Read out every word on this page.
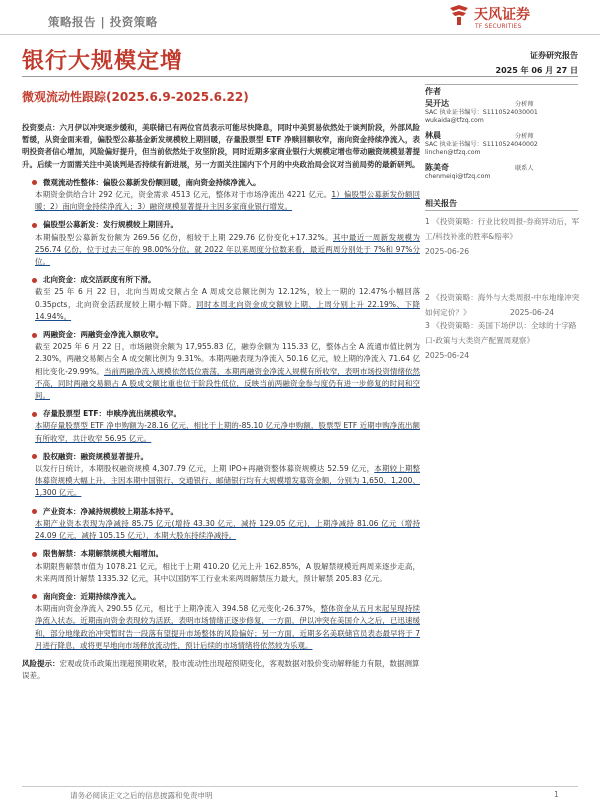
策略报告 | 投资策略	天风证券
TF SECURITIES
银行大规模定增	证券研究报告
2025 年 06 月 27 日
微观流动性跟踪(2025.6.9-2025.6.22)	作者
吴开达	分析师
SAC 执业证书编号：S1110524030001
wukaida@tfzq.com
林晨	分析师
SAC 执业证书编号：S1110524040002
linchen@tfzq.com
陈美奇	联系人
chenmeiqi@tfzq.com
相关报告
1 《投资策略：行业比较周报-券商异动后，军工/科技补涨的胜率&赔率》
2025-06-26
2 《投资策略：海外与大类周报-中东地缘冲突如何定价？》
3 《投资策略：美国下场伊以：全球的十字路口-政策与大类资产配置周观察》
2025-06-24
2025-06-24
投资要点：六月伊以冲突逐步缓和，美联储已有两位官员表示可能尽快降息，同时中美贸易依然处于谈判阶段，外部风险暂缓，从资金面来看，偏股型公募基金新发规模较上期回暖，存量股票型 ETF 净赎回额收窄，南向资金持续净流入，表明投资者信心增加，风险偏好提升，但当前依然处于攻坚阶段，同时近期多家商业银行大规模定增也带动融资规模显著提升。后续一方面需关注中美谈判是否持续有新进展，另一方面关注国内下个月的中央政治局会议对当前局势的最新研判。
微观流动性整体：偏股公募新发份额回暖，南向资金持续净流入。
本期资金供给合计 292 亿元，资金需求 4513 亿元，整体对于市场净流出 4221 亿元。1）偏股型公募新发份额回暖；2）南向资金持续净流入；3）融资规模显著提升主因多家商业银行增发。
偏股型公募新发：发行规模较上期回升。
本期偏股型公募新发份额为 269.56 亿份，相较于上期 229.76 亿份变化+17.32%。其中最近一周新发规模为 256.74 亿份，位于过去三年的 98.00%分位。就 2022 年以来周度分位数来看，最近两周分别处于 7%和 97%分位。
北向资金：成交活跃度有所下滑。
截至 25 年 6 月 22 日，北向当周成交额占全 A 周成交总额比例为 12.12%，较上一期的 12.47%小幅回落 0.35pcts，北向资金活跃度较上期小幅下降。同时本周北向资金成交额较上期、上周分别上升 22.19%、下降 14.94%。
两融资金：两融资金净流入额收窄。
截至 2025 年 6 月 22 日，市场融资余额为 17,955.83 亿，融券余额为 115.33 亿，整体占全 A 流通市值比例为 2.30%，两融交易额占全 A 成交额比例为 9.31%。本期两融表现为净流入 50.16 亿元，较上期的净流入 71.64 亿相比变化-29.99%。当前两融净流入规模依然低位震荡，本期两融资金净流入规模有所收窄，表明市场投资情绪依然不高，同时两融交易额占 A 股成交额比重也位于阶段性低位，反映当前两融资金参与度仍有进一步修复的时间和空间。
存量股票型 ETF：申赎净流出规模收窄。
本期存量股票型 ETF 净申购额为-28.16 亿元，相比于上期的-85.10 亿元净申购额，股票型 ETF 近期申购净流出额有所收窄，共计收窄 56.95 亿元。
股权融资：融资规模显著提升。
以发行日统计，本期股权融资规模 4,307.79 亿元，上期 IPO+再融资整体募资规模达 52.59 亿元，本期较上期整体募资规模大幅上升，主因本期中国银行、交通银行、邮储银行均有大规模增发募资金额，分别为 1,650、1,200、1,300 亿元。
产业资本：净减持规模较上期基本持平。
本期产业资本表现为净减持 85.75 亿元(增持 43.30 亿元，减持 129.05 亿元)，上期净减持 81.06 亿元（增持 24.09 亿元，减持 105.15 亿元），本期大股东持续净减持。
限售解禁：本期解禁规模大幅增加。
本期限售解禁市值为 1078.21 亿元，相比于上期 410.20 亿元上升 162.85%，A 股解禁规模近两周来逐步走高，未来两周预计解禁 1335.32 亿元，其中以国防军工行业未来两周解禁压力最大，预计解禁 205.83 亿元。
南向资金：近期持续净流入。
本期南向资金净流入 290.55 亿元，相比于上期净流入 394.58 亿元变化-26.37%，整体资金从五月末起呈现持续净流入状态。近期南向资金表现较为活跃，表明市场情绪正逐步修复，一方面，伊以冲突在美国介入之后，已迅速缓和，部分地缘政治冲突暂时告一段落有望提升市场整体的风险偏好；另一方面，近期多名美联储官员表态最早将于 7 月进行降息，或将更早地向市场释放流动性，预计后续的市场情绪将依然较为乐观。
风险提示：宏观或货币政策出现超预期收紧，股市流动性出现超预期变化，客观数据对股价变动解释能力有限，数据测算误差。
请务必阅读正文之后的信息披露和免责申明	1
